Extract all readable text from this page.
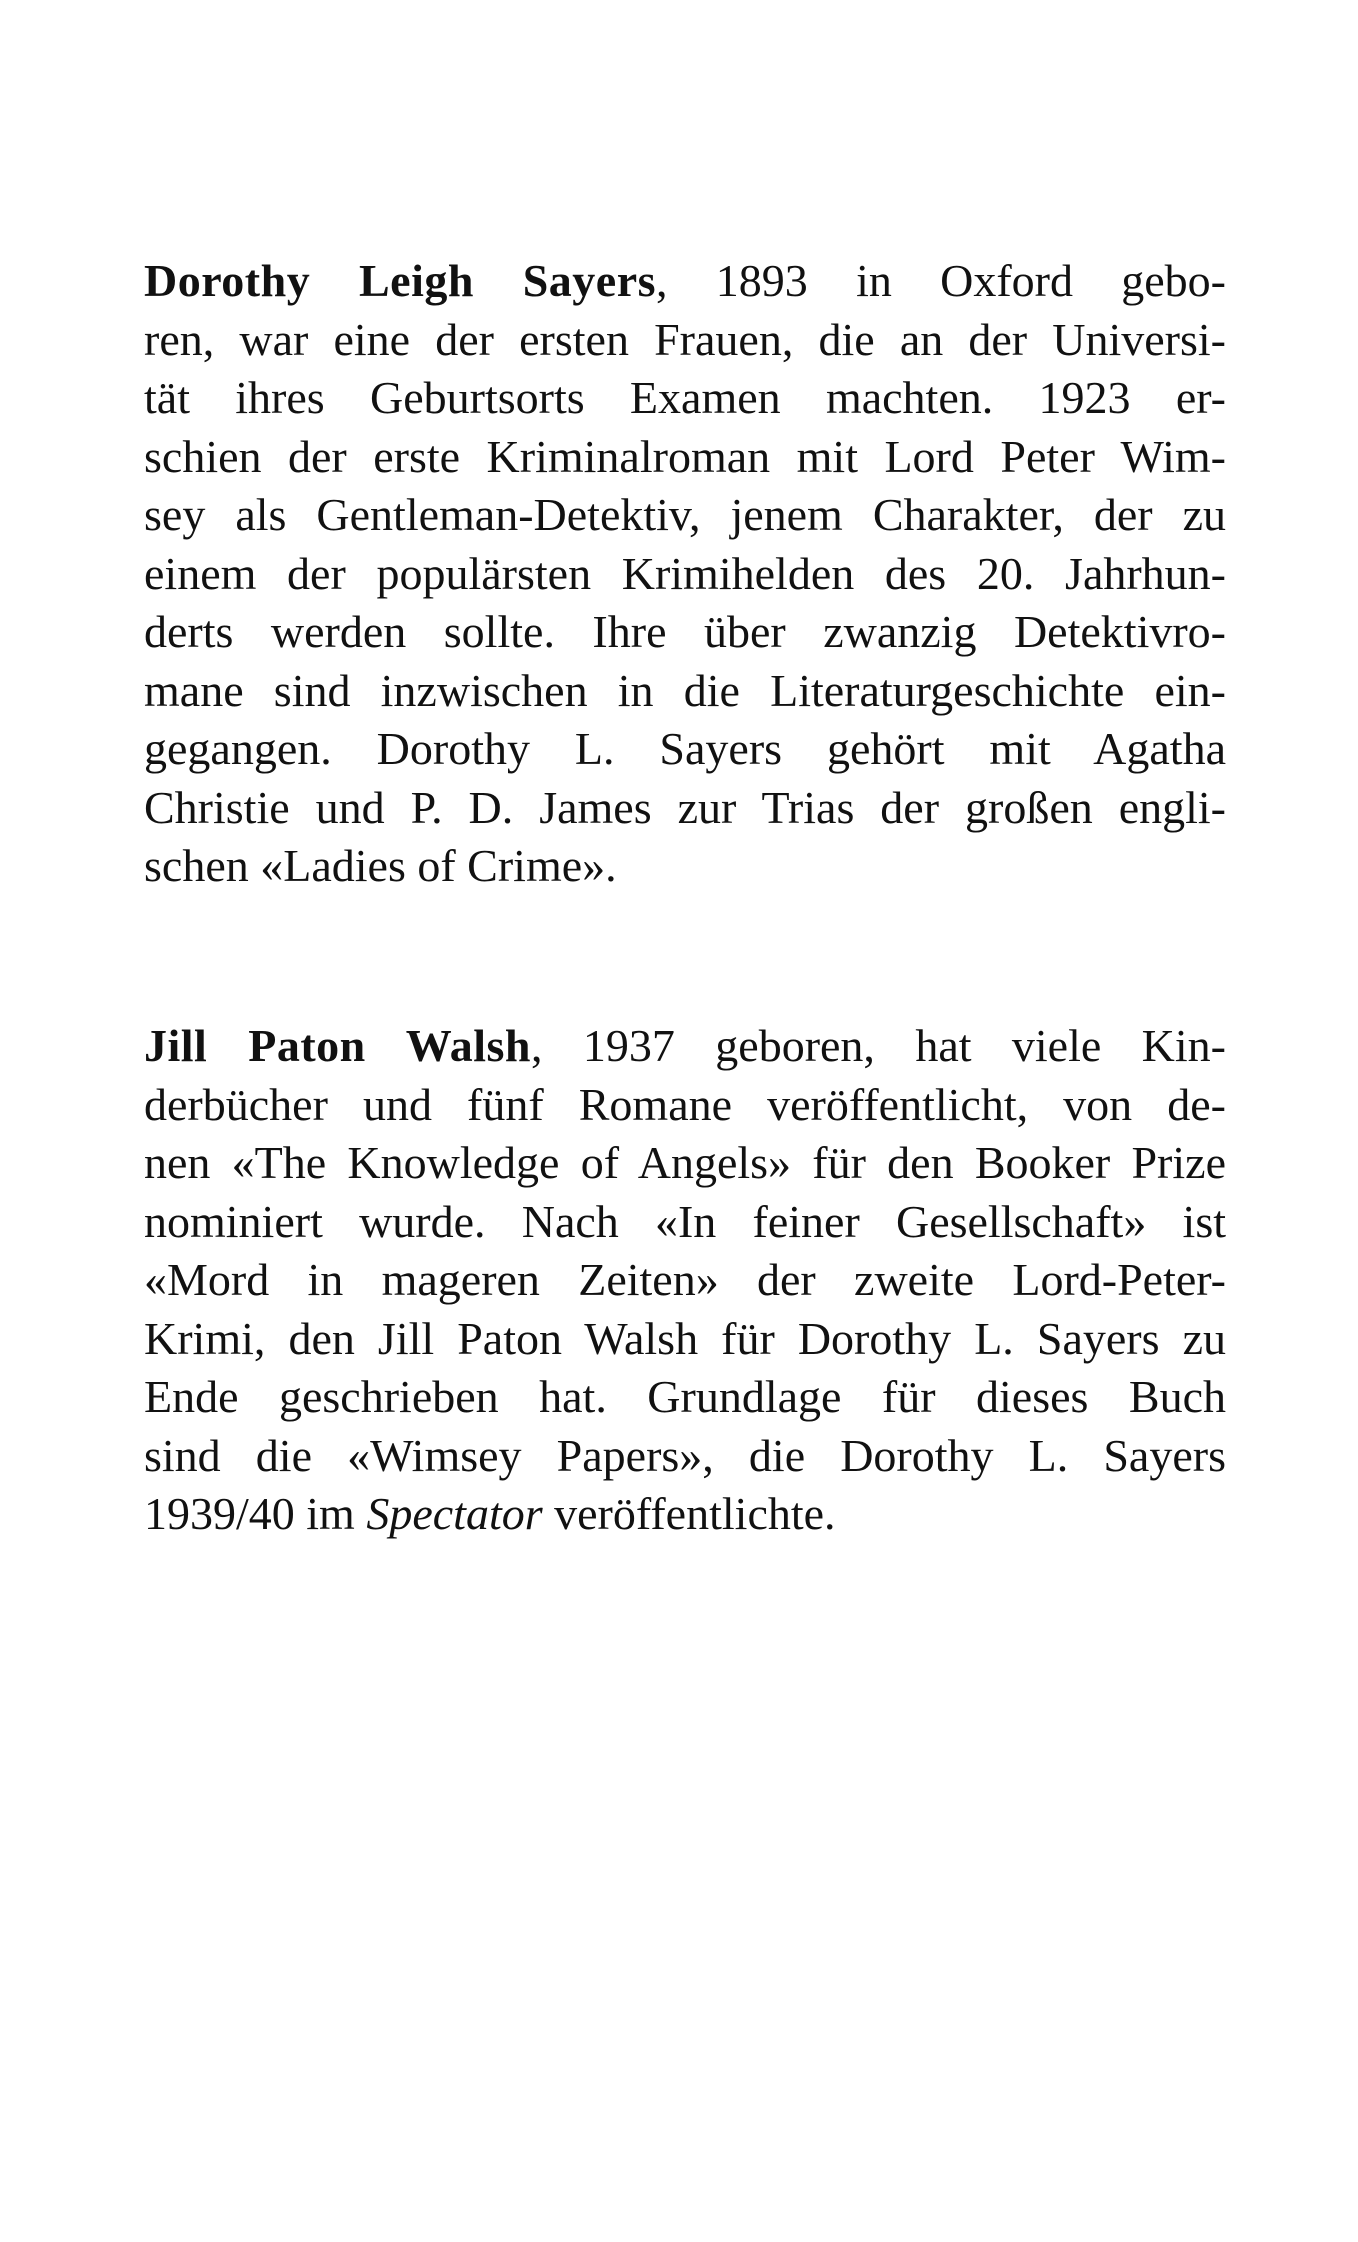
Dorothy Leigh Sayers, 1893 in Oxford gebo-
ren, war eine der ersten Frauen, die an der Universi-
tät ihres Geburtsorts Examen machten. 1923 er-
schien der erste Kriminalroman mit Lord Peter Wim-
sey als Gentleman-Detektiv, jenem Charakter, der zu
einem der populärsten Krimihelden des 20. Jahrhun-
derts werden sollte. Ihre über zwanzig Detektivro-
mane sind inzwischen in die Literaturgeschichte ein-
gegangen. Dorothy L. Sayers gehört mit Agatha
Christie und P. D. James zur Trias der großen engli-
schen «Ladies of Crime».
Jill Paton Walsh, 1937 geboren, hat viele Kin-
derbücher und fünf Romane veröffentlicht, von de-
nen «The Knowledge of Angels» für den Booker Prize
nominiert wurde. Nach «In feiner Gesellschaft» ist
«Mord in mageren Zeiten» der zweite Lord-Peter-
Krimi, den Jill Paton Walsh für Dorothy L. Sayers zu
Ende geschrieben hat. Grundlage für dieses Buch
sind die «Wimsey Papers», die Dorothy L. Sayers
1939/40 im Spectator veröffentlichte.
